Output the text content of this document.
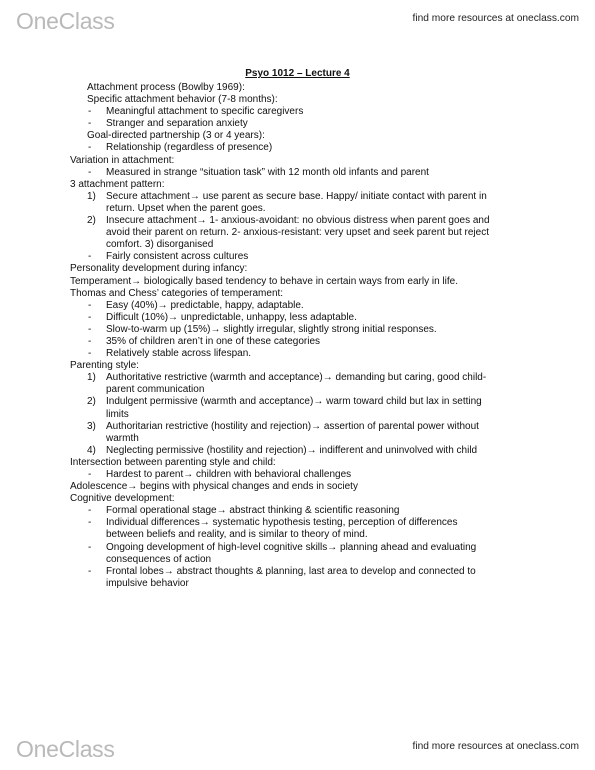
OneClass	find more resources at oneclass.com
Psyo 1012 – Lecture 4
Attachment process (Bowlby 1969):
Specific attachment behavior (7-8 months):
- Meaningful attachment to specific caregivers
- Stranger and separation anxiety
Goal-directed partnership (3 or 4 years):
- Relationship (regardless of presence)
Variation in attachment:
- Measured in strange “situation task” with 12 month old infants and parent
3 attachment pattern:
1) Secure attachment→ use parent as secure base. Happy/ initiate contact with parent in
return. Upset when the parent goes.
2) Insecure attachment→ 1- anxious-avoidant: no obvious distress when parent goes and
avoid their parent on return. 2- anxious-resistant: very upset and seek parent but reject
comfort. 3) disorganised
- Fairly consistent across cultures
Personality development during infancy:
Temperament→ biologically based tendency to behave in certain ways from early in life.
Thomas and Chess’ categories of temperament:
- Easy (40%)→ predictable, happy, adaptable.
- Difficult (10%)→ unpredictable, unhappy, less adaptable.
- Slow-to-warm up (15%)→ slightly irregular, slightly strong initial responses.
- 35% of children aren’t in one of these categories
- Relatively stable across lifespan.
Parenting style:
1) Authoritative restrictive (warmth and acceptance)→ demanding but caring, good child-
parent communication
2) Indulgent permissive (warmth and acceptance)→ warm toward child but lax in setting
limits
3) Authoritarian restrictive (hostility and rejection)→ assertion of parental power without
warmth
4) Neglecting permissive (hostility and rejection)→ indifferent and uninvolved with child
Intersection between parenting style and child:
- Hardest to parent→ children with behavioral challenges
Adolescence→ begins with physical changes and ends in society
Cognitive development:
- Formal operational stage→ abstract thinking & scientific reasoning
- Individual differences→ systematic hypothesis testing, perception of differences
between beliefs and reality, and is similar to theory of mind.
- Ongoing development of high-level cognitive skills→ planning ahead and evaluating
consequences of action
- Frontal lobes→ abstract thoughts & planning, last area to develop and connected to
impulsive behavior
OneClass	find more resources at oneclass.com
